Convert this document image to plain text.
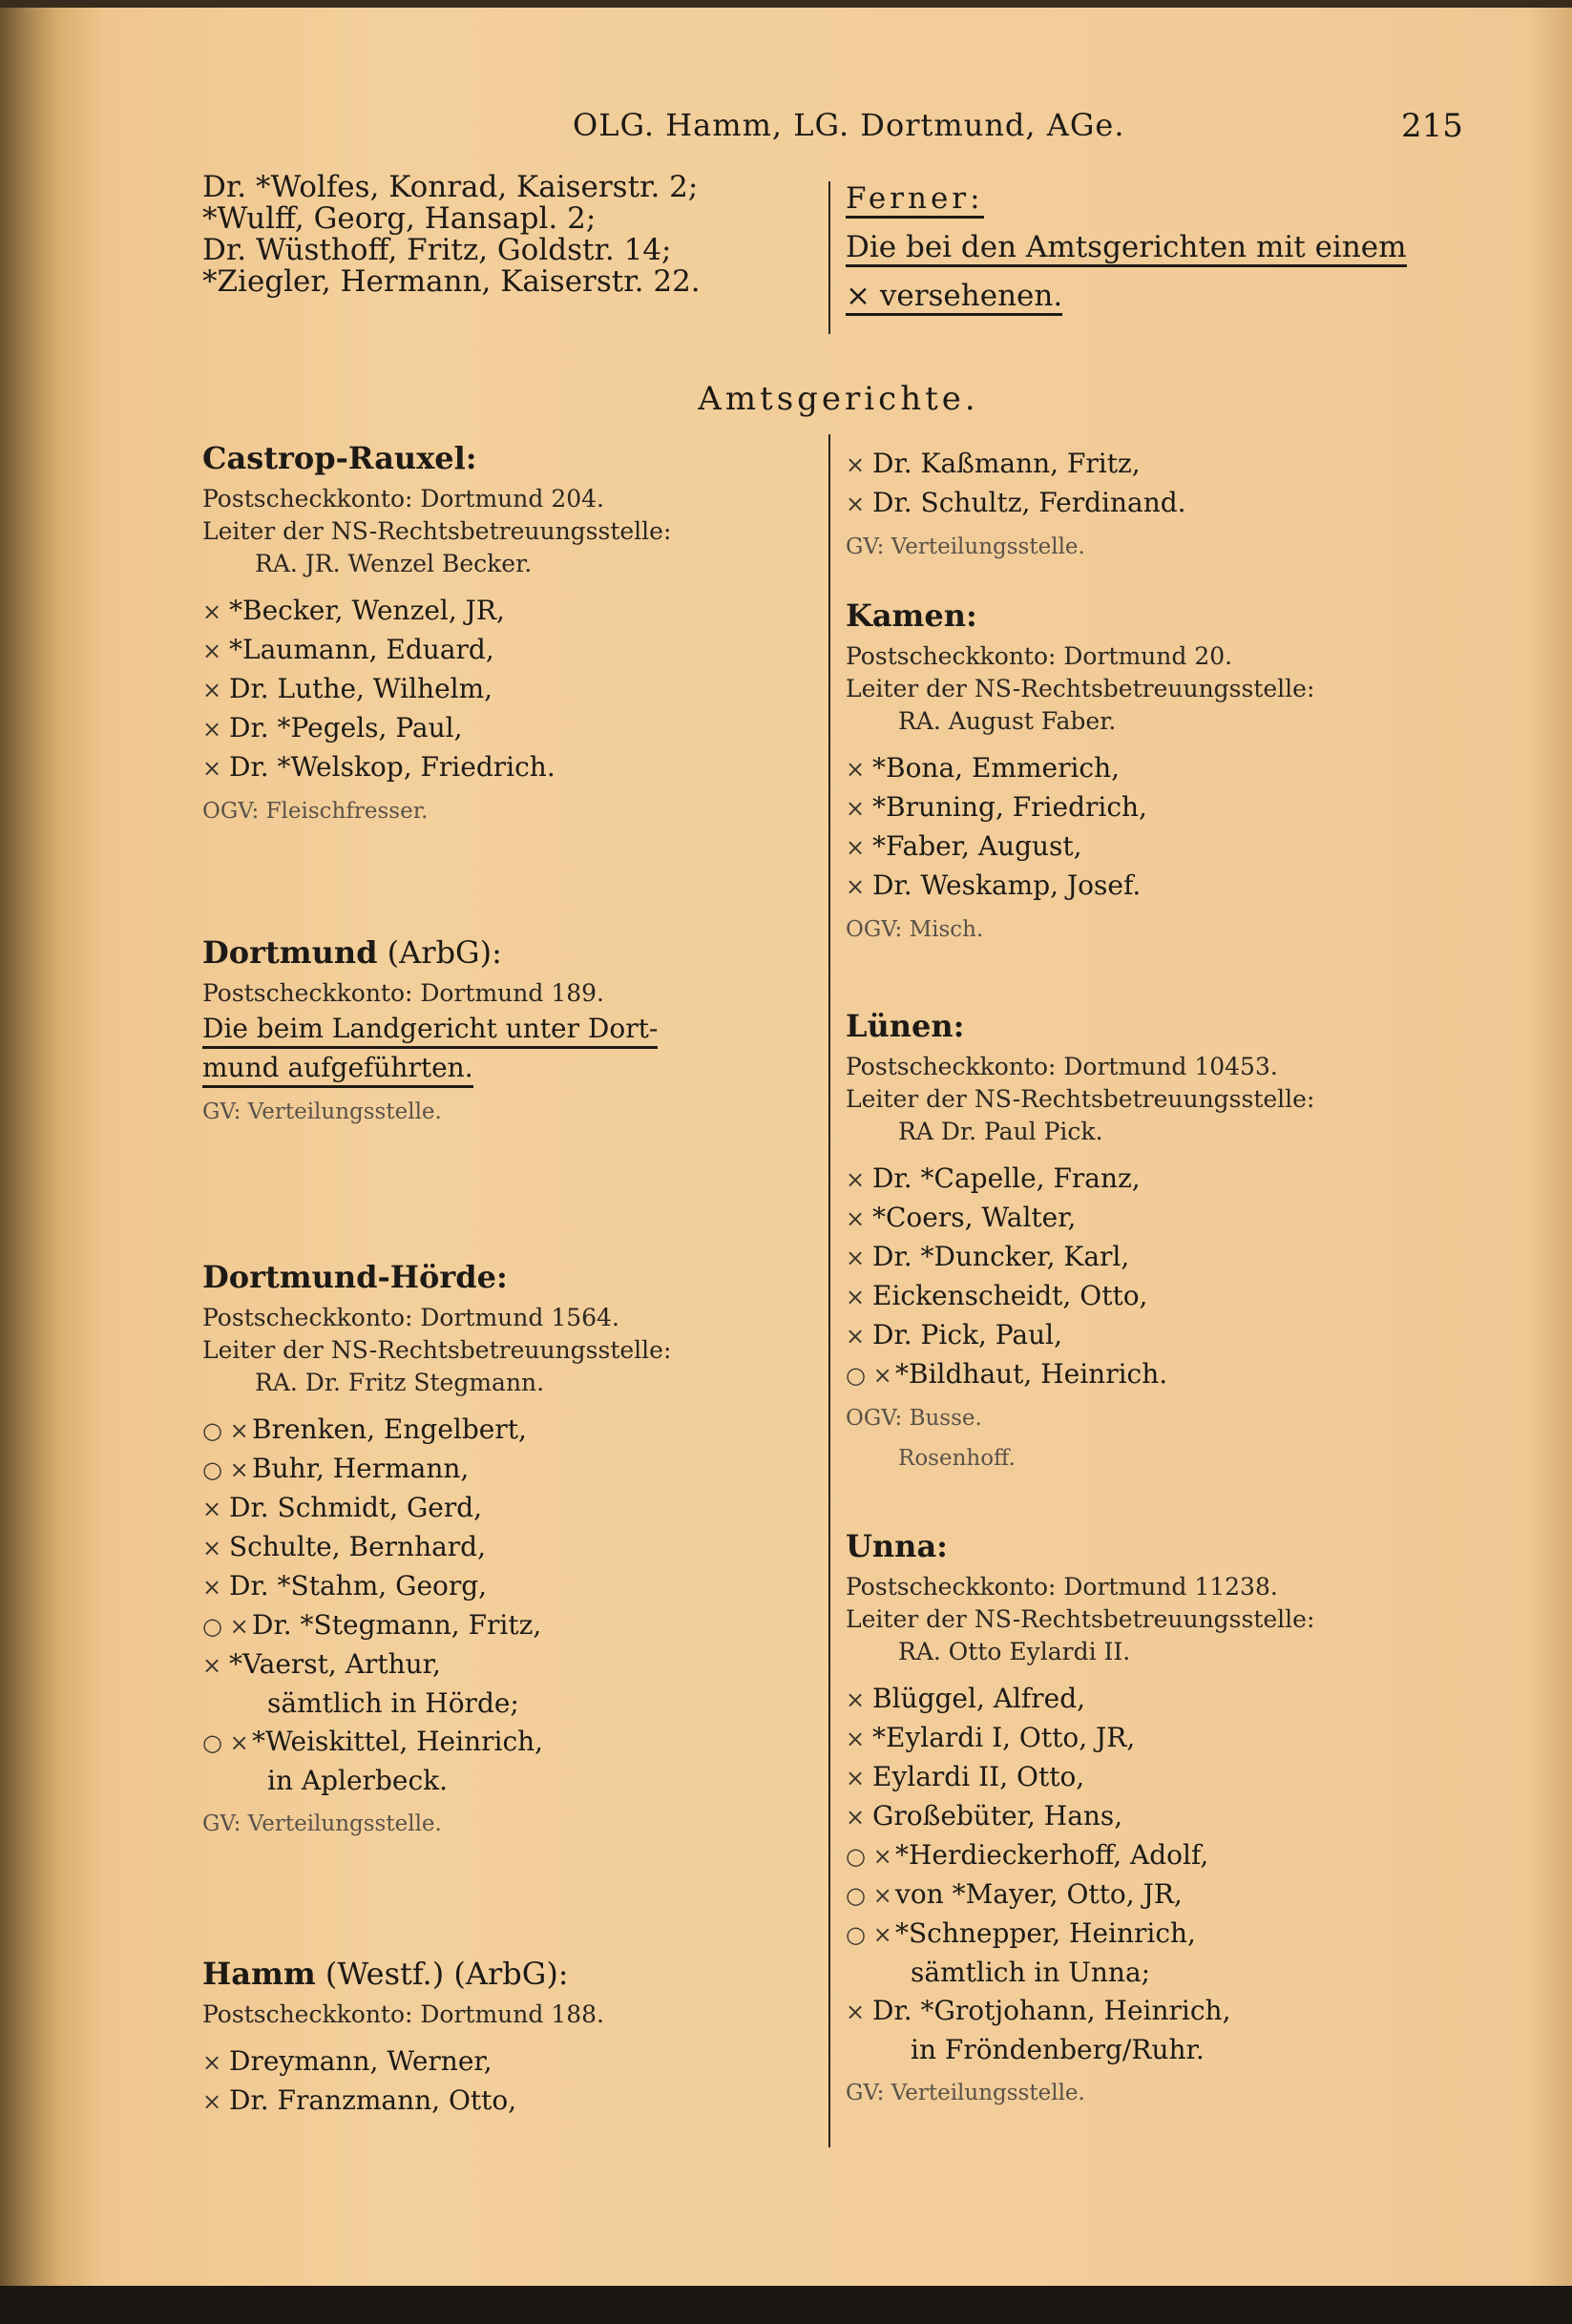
OLG. Hamm, LG. Dortmund, AGe.	215
Dr. *Wolfes, Konrad, Kaiserstr. 2;
*Wulff, Georg, Hansapl. 2;
Dr. Wüsthoff, Fritz, Goldstr. 14;
*Ziegler, Hermann, Kaiserstr. 22.
Ferner:
Die bei den Amtsgerichten mit einem
× versehenen.
Amtsgerichte.
Castrop-Rauxel:
Postscheckkonto: Dortmund 204.
Leiter der NS-Rechtsbetreuungsstelle:
RA. JR. Wenzel Becker.
× *Becker, Wenzel, JR,
× *Laumann, Eduard,
× Dr. Luthe, Wilhelm,
× Dr. *Pegels, Paul,
× Dr. *Welskop, Friedrich.
OGV: Fleischfresser.
Dortmund (ArbG):
Postscheckkonto: Dortmund 189.
Die beim Landgericht unter Dort-
mund aufgeführten.
GV: Verteilungsstelle.
Dortmund-Hörde:
Postscheckkonto: Dortmund 1564.
Leiter der NS-Rechtsbetreuungsstelle:
RA. Dr. Fritz Stegmann.
○ × Brenken, Engelbert,
○ × Buhr, Hermann,
× Dr. Schmidt, Gerd,
× Schulte, Bernhard,
× Dr. *Stahm, Georg,
○ × Dr. *Stegmann, Fritz,
× *Vaerst, Arthur,
sämtlich in Hörde;
○ × *Weiskittel, Heinrich,
in Aplerbeck.
GV: Verteilungsstelle.
Hamm (Westf.) (ArbG):
Postscheckkonto: Dortmund 188.
× Dreymann, Werner,
× Dr. Franzmann, Otto,
× Dr. Kaßmann, Fritz,
× Dr. Schultz, Ferdinand.
GV: Verteilungsstelle.
Kamen:
Postscheckkonto: Dortmund 20.
Leiter der NS-Rechtsbetreuungsstelle:
RA. August Faber.
× *Bona, Emmerich,
× *Bruning, Friedrich,
× *Faber, August,
× Dr. Weskamp, Josef.
OGV: Misch.
Lünen:
Postscheckkonto: Dortmund 10453.
Leiter der NS-Rechtsbetreuungsstelle:
RA Dr. Paul Pick.
× Dr. *Capelle, Franz,
× *Coers, Walter,
× Dr. *Duncker, Karl,
× Eickenscheidt, Otto,
× Dr. Pick, Paul,
○ × *Bildhaut, Heinrich.
OGV: Busse.
Rosenhoff.
Unna:
Postscheckkonto: Dortmund 11238.
Leiter der NS-Rechtsbetreuungsstelle:
RA. Otto Eylardi II.
× Blüggel, Alfred,
× *Eylardi I, Otto, JR,
× Eylardi II, Otto,
× Großebüter, Hans,
○ × *Herdieckerhoff, Adolf,
○ × von *Mayer, Otto, JR,
○ × *Schnepper, Heinrich,
sämtlich in Unna;
× Dr. *Grotjohann, Heinrich,
in Fröndenberg/Ruhr.
GV: Verteilungsstelle.
